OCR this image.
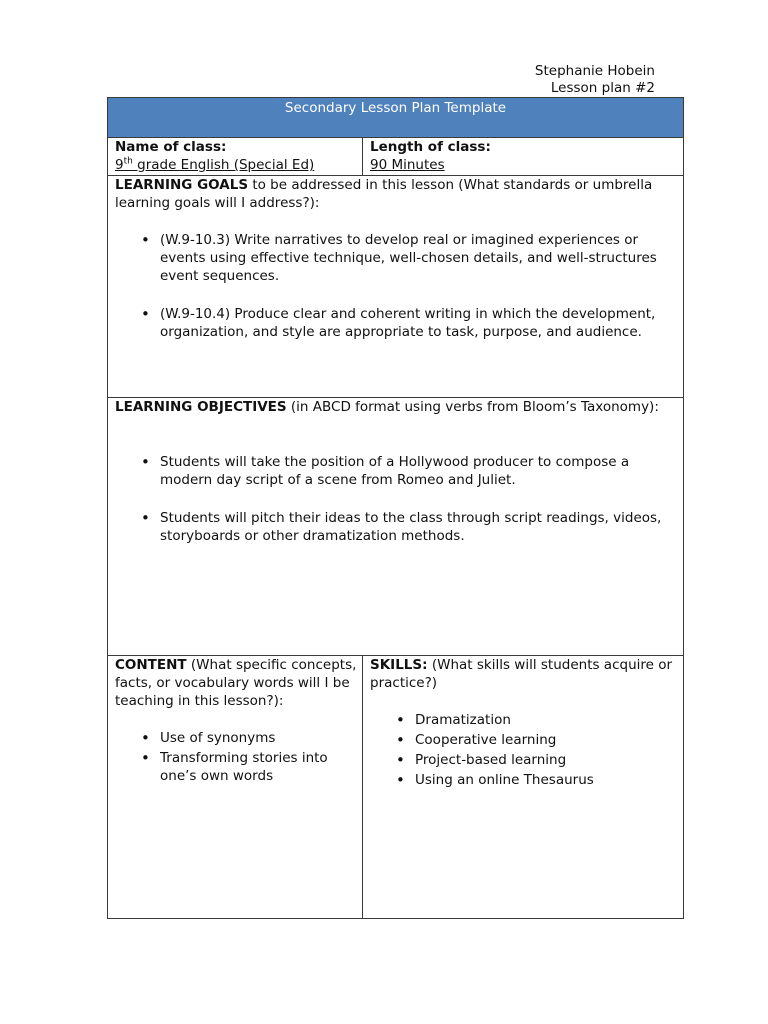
Stephanie Hobein
Lesson plan #2
Secondary Lesson Plan Template
Name of class:
9th grade English (Special Ed)
Length of class:
90 Minutes
LEARNING GOALS to be addressed in this lesson (What standards or umbrella learning goals will I address?):
• (W.9-10.3) Write narratives to develop real or imagined experiences or events using effective technique, well-chosen details, and well-structures event sequences.
• (W.9-10.4) Produce clear and coherent writing in which the development, organization, and style are appropriate to task, purpose, and audience.
LEARNING OBJECTIVES (in ABCD format using verbs from Bloom’s Taxonomy):
• Students will take the position of a Hollywood producer to compose a modern day script of a scene from Romeo and Juliet.
• Students will pitch their ideas to the class through script readings, videos, storyboards or other dramatization methods.
CONTENT (What specific concepts, facts, or vocabulary words will I be teaching in this lesson?):
• Use of synonyms
• Transforming stories into one’s own words
SKILLS: (What skills will students acquire or practice?)
• Dramatization
• Cooperative learning
• Project-based learning
• Using an online Thesaurus
